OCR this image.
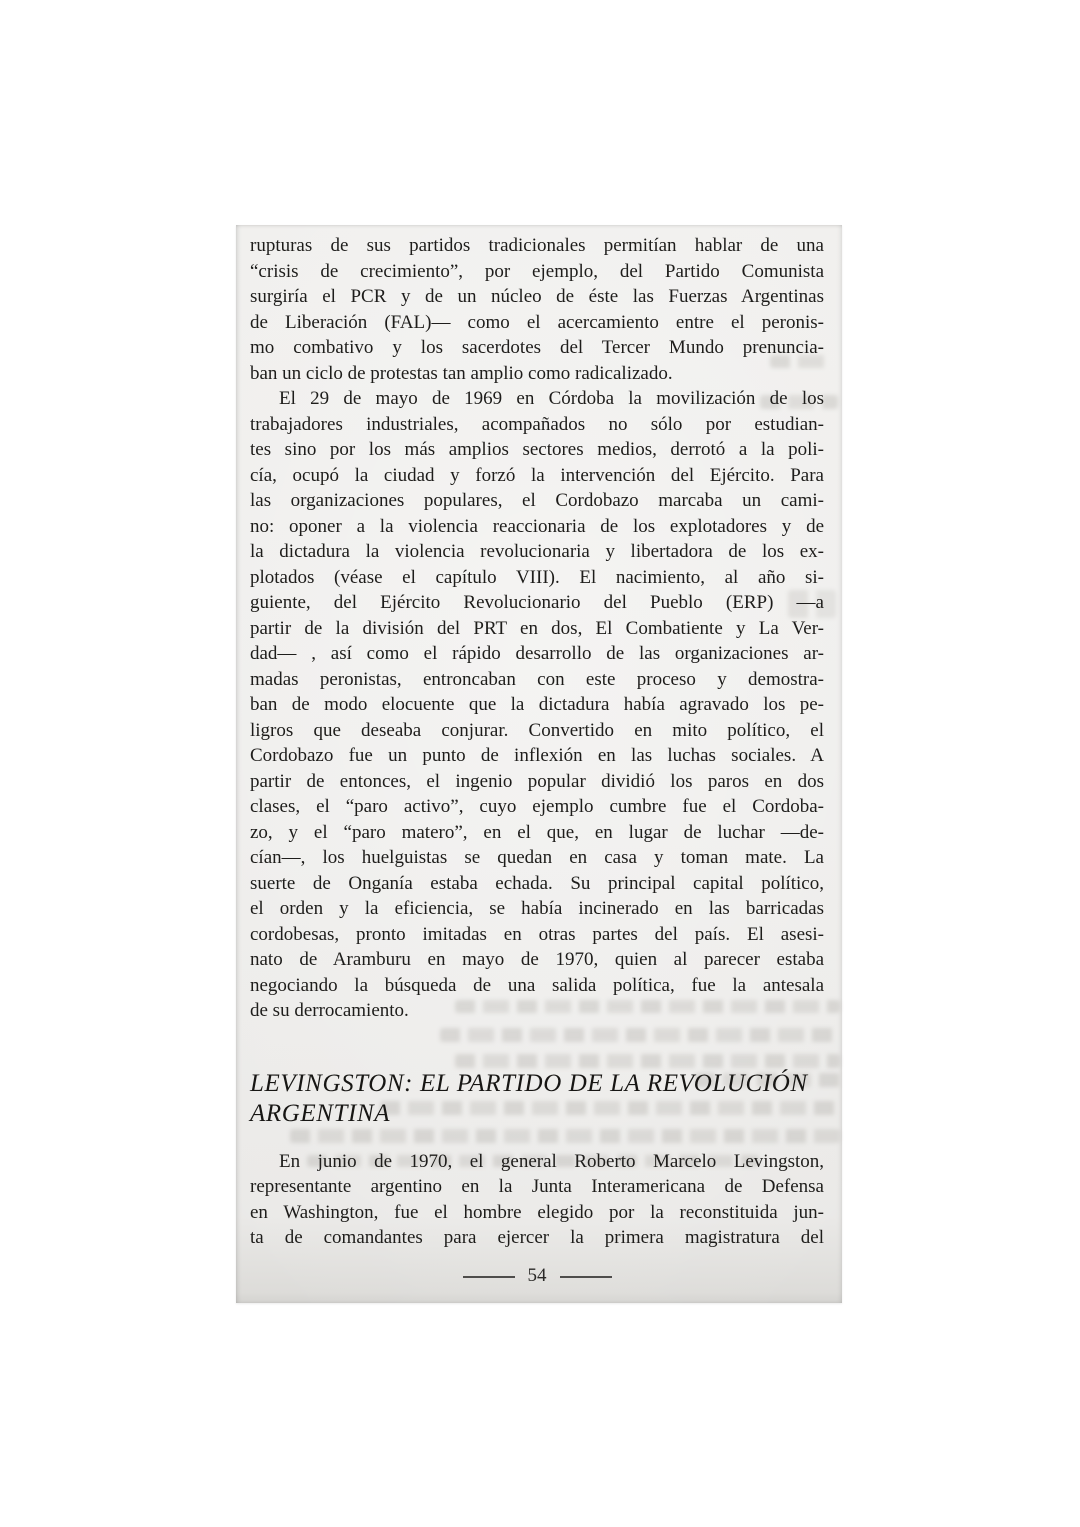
rupturas de sus partidos tradicionales permitían hablar de una
“crisis de crecimiento”, por ejemplo, del Partido Comunista
surgiría el PCR y de un núcleo de éste las Fuerzas Argentinas
de Liberación (FAL)— como el acercamiento entre el peronis-
mo combativo y los sacerdotes del Tercer Mundo prenuncia-
ban un ciclo de protestas tan amplio como radicalizado.
El 29 de mayo de 1969 en Córdoba la movilización de los
trabajadores industriales, acompañados no sólo por estudian-
tes sino por los más amplios sectores medios, derrotó a la poli-
cía, ocupó la ciudad y forzó la intervención del Ejército. Para
las organizaciones populares, el Cordobazo marcaba un cami-
no: oponer a la violencia reaccionaria de los explotadores y de
la dictadura la violencia revolucionaria y libertadora de los ex-
plotados (véase el capítulo VIII). El nacimiento, al año si-
guiente, del Ejército Revolucionario del Pueblo (ERP) —a
partir de la división del PRT en dos, El Combatiente y La Ver-
dad— , así como el rápido desarrollo de las organizaciones ar-
madas peronistas, entroncaban con este proceso y demostra-
ban de modo elocuente que la dictadura había agravado los pe-
ligros que deseaba conjurar. Convertido en mito político, el
Cordobazo fue un punto de inflexión en las luchas sociales. A
partir de entonces, el ingenio popular dividió los paros en dos
clases, el “paro activo”, cuyo ejemplo cumbre fue el Cordoba-
zo, y el “paro matero”, en el que, en lugar de luchar —de-
cían—, los huelguistas se quedan en casa y toman mate. La
suerte de Onganía estaba echada. Su principal capital político,
el orden y la eficiencia, se había incinerado en las barricadas
cordobesas, pronto imitadas en otras partes del país. El asesi-
nato de Aramburu en mayo de 1970, quien al parecer estaba
negociando la búsqueda de una salida política, fue la antesala
de su derrocamiento.
LEVINGSTON: EL PARTIDO DE LA REVOLUCIÓN
ARGENTINA
En junio de 1970, el general Roberto Marcelo Levingston,
representante argentino en la Junta Interamericana de Defensa
en Washington, fue el hombre elegido por la reconstituida jun-
ta de comandantes para ejercer la primera magistratura del
54
